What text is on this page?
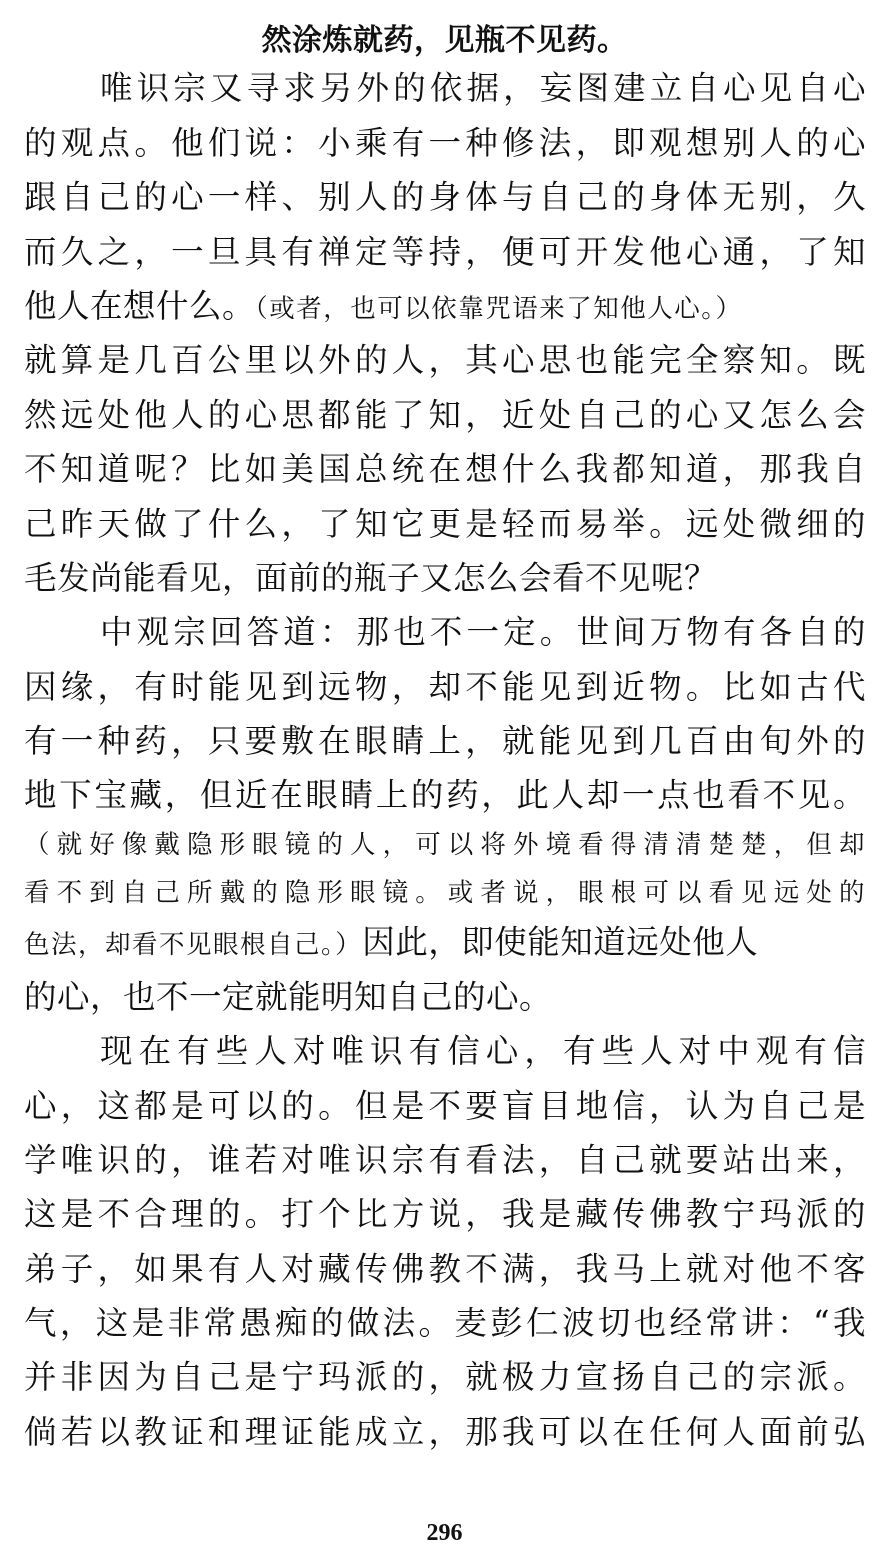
然涂炼就药，见瓶不见药。
唯识宗又寻求另外的依据，妄图建立自心见自心
的观点。他们说：小乘有一种修法，即观想别人的心
跟自己的心一样、别人的身体与自己的身体无别，久
而久之，一旦具有禅定等持，便可开发他心通，了知
他人在想什么。（或者，也可以依靠咒语来了知他人心。）
就算是几百公里以外的人，其心思也能完全察知。既
然远处他人的心思都能了知，近处自己的心又怎么会
不知道呢？比如美国总统在想什么我都知道，那我自
己昨天做了什么，了知它更是轻而易举。远处微细的
毛发尚能看见，面前的瓶子又怎么会看不见呢？
中观宗回答道：那也不一定。世间万物有各自的
因缘，有时能见到远物，却不能见到近物。比如古代
有一种药，只要敷在眼睛上，就能见到几百由旬外的
地下宝藏，但近在眼睛上的药，此人却一点也看不见。
（就好像戴隐形眼镜的人，可以将外境看得清清楚楚，但却
看不到自己所戴的隐形眼镜。或者说，眼根可以看见远处的
色法，却看不见眼根自己。）因此，即使能知道远处他人
的心，也不一定就能明知自己的心。
现在有些人对唯识有信心，有些人对中观有信
心，这都是可以的。但是不要盲目地信，认为自己是
学唯识的，谁若对唯识宗有看法，自己就要站出来，
这是不合理的。打个比方说，我是藏传佛教宁玛派的
弟子，如果有人对藏传佛教不满，我马上就对他不客
气，这是非常愚痴的做法。麦彭仁波切也经常讲：“我
并非因为自己是宁玛派的，就极力宣扬自己的宗派。
倘若以教证和理证能成立，那我可以在任何人面前弘
296
